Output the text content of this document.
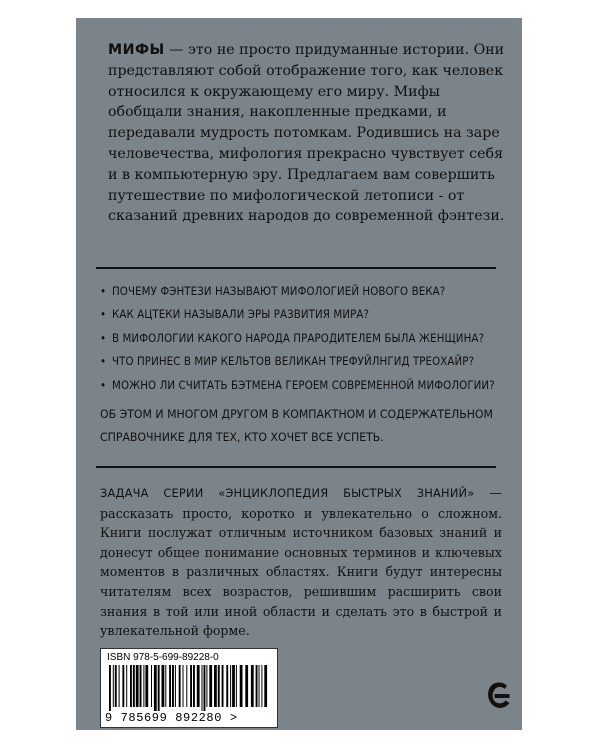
МИФЫ — это не просто придуманные истории. Они представляют собой отображение того, как человек относился к окружающему его миру. Мифы обобщали знания, накопленные предками, и передавали мудрость потомкам. Родившись на заре человечества, мифология прекрасно чувствует себя и в компьютерную эру. Предлагаем вам совершить путешествие по мифологической летописи - от сказаний древних народов до современной фэнтези.
• ПОЧЕМУ ФЭНТЕЗИ НАЗЫВАЮТ МИФОЛОГИЕЙ НОВОГО ВЕКА?
• КАК АЦТЕКИ НАЗЫВАЛИ ЭРЫ РАЗВИТИЯ МИРА?
• В МИФОЛОГИИ КАКОГО НАРОДА ПРАРОДИТЕЛЕМ БЫЛА ЖЕНЩИНА?
• ЧТО ПРИНЕС В МИР КЕЛЬТОВ ВЕЛИКАН ТРЕФУЙЛНГИД ТРЕОХАЙР?
• МОЖНО ЛИ СЧИТАТЬ БЭТМЕНА ГЕРОЕМ СОВРЕМЕННОЙ МИФОЛОГИИ?
ОБ ЭТОМ И МНОГОМ ДРУГОМ В КОМПАКТНОМ И СОДЕРЖАТЕЛЬНОМ СПРАВОЧНИКЕ ДЛЯ ТЕХ, КТО ХОЧЕТ ВСЕ УСПЕТЬ.
ЗАДАЧА СЕРИИ «ЭНЦИКЛОПЕДИЯ БЫСТРЫХ ЗНАНИЙ» — рассказать просто, коротко и увлекательно о сложном. Книги послужат отличным источником базовых знаний и донесут общее понимание основных терминов и ключевых моментов в различных областях. Книги будут интересны читателям всех возрастов, решившим расширить свои знания в той или иной области и сделать это в быстрой и увлекательной форме.
ISBN 978-5-699-89228-0
9 785699 892280 >
